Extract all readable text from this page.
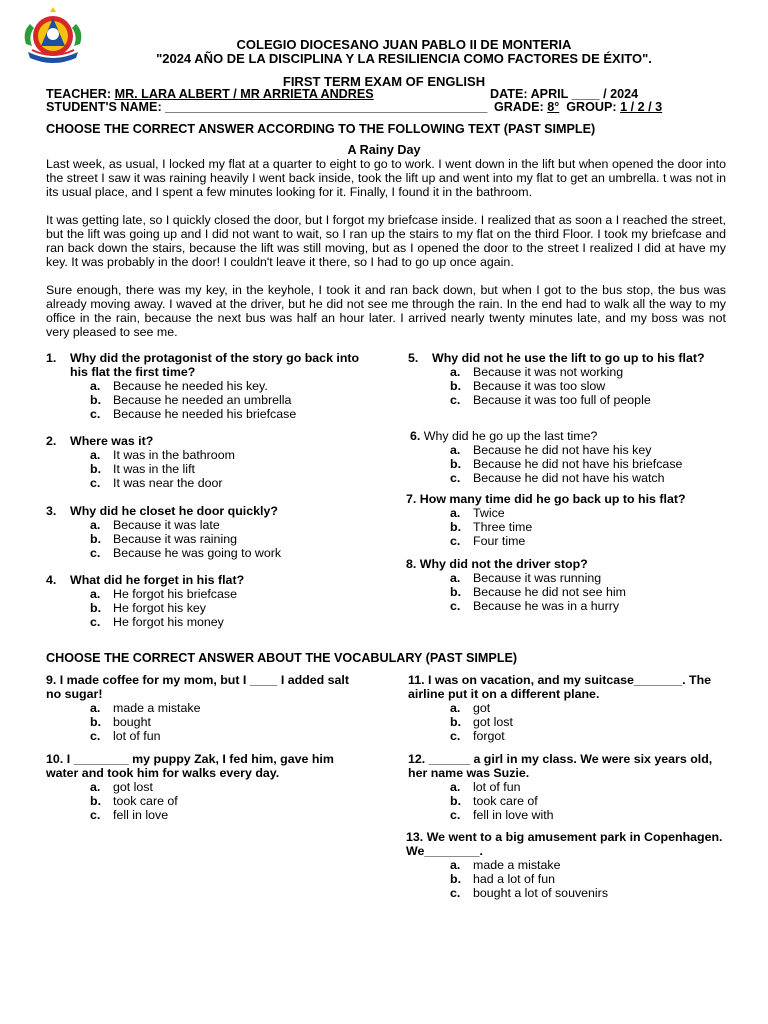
COLEGIO DIOCESANO JUAN PABLO II DE MONTERIA
"2024 AÑO DE LA DISCIPLINA Y LA RESILIENCIA COMO FACTORES DE ÉXITO".
FIRST TERM EXAM OF ENGLISH
TEACHER: MR. LARA ALBERT / MR ARRIETA ANDRES	DATE: APRIL ____ / 2024
STUDENT'S NAME: ______________________________________________ GRADE: 8° GROUP: 1 / 2 / 3
CHOOSE THE CORRECT ANSWER ACCORDING TO THE FOLLOWING TEXT (PAST SIMPLE)
A Rainy Day
Last week, as usual, I locked my flat at a quarter to eight to go to work. I went down in the lift but when opened the door into the street I saw it was raining heavily I went back inside, took the lift up and went into my flat to get an umbrella. t was not in its usual place, and I spent a few minutes looking for it. Finally, I found it in the bathroom.
It was getting late, so I quickly closed the door, but I forgot my briefcase inside. I realized that as soon a I reached the street, but the lift was going up and I did not want to wait, so I ran up the stairs to my flat on the third Floor. I took my briefcase and ran back down the stairs, because the lift was still moving, but as I opened the door to the street I realized I did at have my key. It was probably in the door! I couldn't leave it there, so I had to go up once again.
Sure enough, there was my key, in the keyhole, I took it and ran back down, but when I got to the bus stop, the bus was already moving away. I waved at the driver, but he did not see me through the rain. In the end had to walk all the way to my office in the rain, because the next bus was half an hour later. I arrived nearly twenty minutes late, and my boss was not very pleased to see me.
1. Why did the protagonist of the story go back into his flat the first time?
a. Because he needed his key.
b. Because he needed an umbrella
c. Because he needed his briefcase
2. Where was it?
a. It was in the bathroom
b. It was in the lift
c. It was near the door
3. Why did he closet he door quickly?
a. Because it was late
b. Because it was raining
c. Because he was going to work
4. What did he forget in his flat?
a. He forgot his briefcase
b. He forgot his key
c. He forgot his money
5. Why did not he use the lift to go up to his flat?
a. Because it was not working
b. Because it was too slow
c. Because it was too full of people
6. Why did he go up the last time?
a. Because he did not have his key
b. Because he did not have his briefcase
c. Because he did not have his watch
7. How many time did he go back up to his flat?
a. Twice
b. Three time
c. Four time
8. Why did not the driver stop?
a. Because it was running
b. Because he did not see him
c. Because he was in a hurry
CHOOSE THE CORRECT ANSWER ABOUT THE VOCABULARY (PAST SIMPLE)
9. I made coffee for my mom, but I ____ I added salt no sugar!
a. made a mistake
b. bought
c. lot of fun
10. I ________ my puppy Zak, I fed him, gave him water and took him for walks every day.
a. got lost
b. took care of
c. fell in love
11. I was on vacation, and my suitcase_______. The airline put it on a different plane.
a. got
b. got lost
c. forgot
12. ______ a girl in my class. We were six years old, her name was Suzie.
a. lot of fun
b. took care of
c. fell in love with
13. We went to a big amusement park in Copenhagen. We________.
a. made a mistake
b. had a lot of fun
c. bought a lot of souvenirs
